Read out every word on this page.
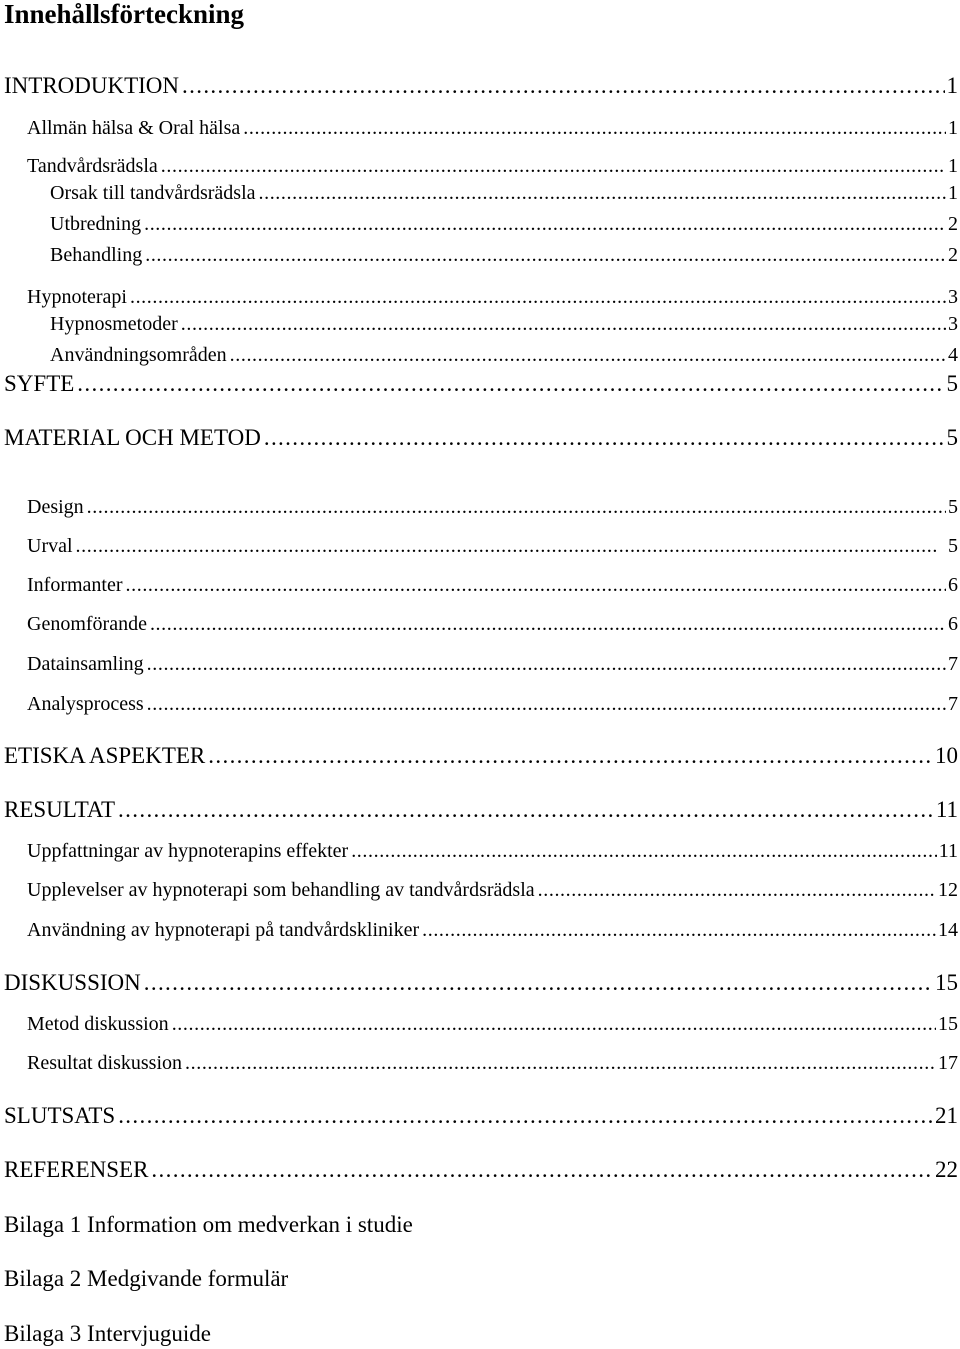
Innehållsförteckning
INTRODUKTION . . .	1
Allmän hälsa & Oral hälsa . . .	1
Tandvårdsrädsla . . .	1
Orsak till tandvårdsrädsla . . .	1
Utbredning . . .	2
Behandling . . .	2
Hypnoterapi . . .	3
Hypnosmetoder . . .	3
Användningsområden . . .	4
SYFTE . . .	5
MATERIAL OCH METOD . . .	5
Design . . .	5
Urval . . .	5
Informanter . . .	6
Genomförande . . .	6
Datainsamling . . .	7
Analysprocess . . .	7
ETISKA ASPEKTER . . .	10
RESULTAT . . .	11
Uppfattningar av hypnoterapins effekter . . .	11
Upplevelser av hypnoterapi som behandling av tandvårdsrädsla . . .	12
Användning av hypnoterapi på tandvårdskliniker . . .	14
DISKUSSION . . .	15
Metod diskussion . . .	15
Resultat diskussion . . .	17
SLUTSATS . . .	21
REFERENSER . . .	22
Bilaga 1 Information om medverkan i studie
Bilaga 2 Medgivande formulär
Bilaga 3 Intervjuguide
